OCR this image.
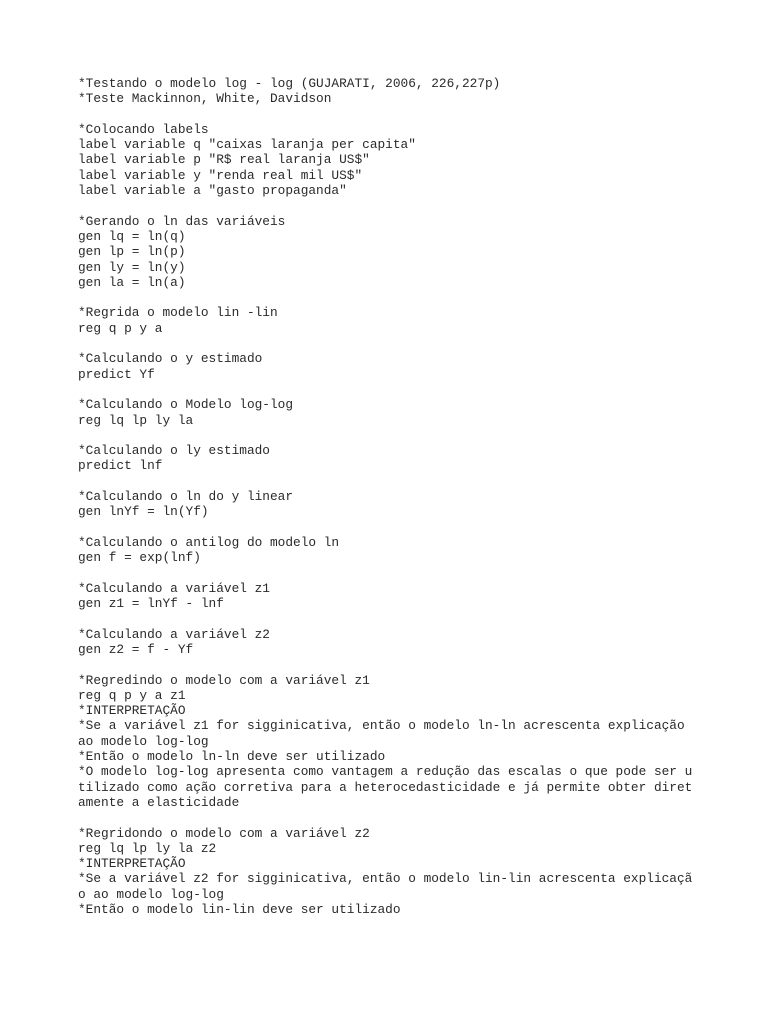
*Testando o modelo log - log (GUJARATI, 2006, 226,227p)
*Teste Mackinnon, White, Davidson
*Colocando labels
label variable q "caixas laranja per capita"
label variable p "R$ real laranja US$"
label variable y "renda real mil US$"
label variable a "gasto propaganda"
*Gerando o ln das variáveis
gen lq = ln(q)
gen lp = ln(p)
gen ly = ln(y)
gen la = ln(a)
*Regrida o modelo lin -lin
reg q p y a
*Calculando o y estimado
predict Yf
*Calculando o Modelo log-log
reg lq lp ly la
*Calculando o ly estimado
predict lnf
*Calculando o ln do y linear
gen lnYf = ln(Yf)
*Calculando o antilog do modelo ln
gen f = exp(lnf)
*Calculando a variável z1
gen z1 = lnYf - lnf
*Calculando a variável z2
gen z2 = f - Yf
*Regredindo o modelo com a variável z1
reg q p y a z1
*INTERPRETAÇÃO
*Se a variável z1 for sigginicativa, então o modelo ln-ln acrescenta explicação
ao modelo log-log
*Então o modelo ln-ln deve ser utilizado
*O modelo log-log apresenta como vantagem a redução das escalas o que pode ser u
tilizado como ação corretiva para a heterocedasticidade e já permite obter diret
amente a elasticidade
*Regridondo o modelo com a variável z2
reg lq lp ly la z2
*INTERPRETAÇÃO
*Se a variável z2 for sigginicativa, então o modelo lin-lin acrescenta explicaçã
o ao modelo log-log
*Então o modelo lin-lin deve ser utilizado
